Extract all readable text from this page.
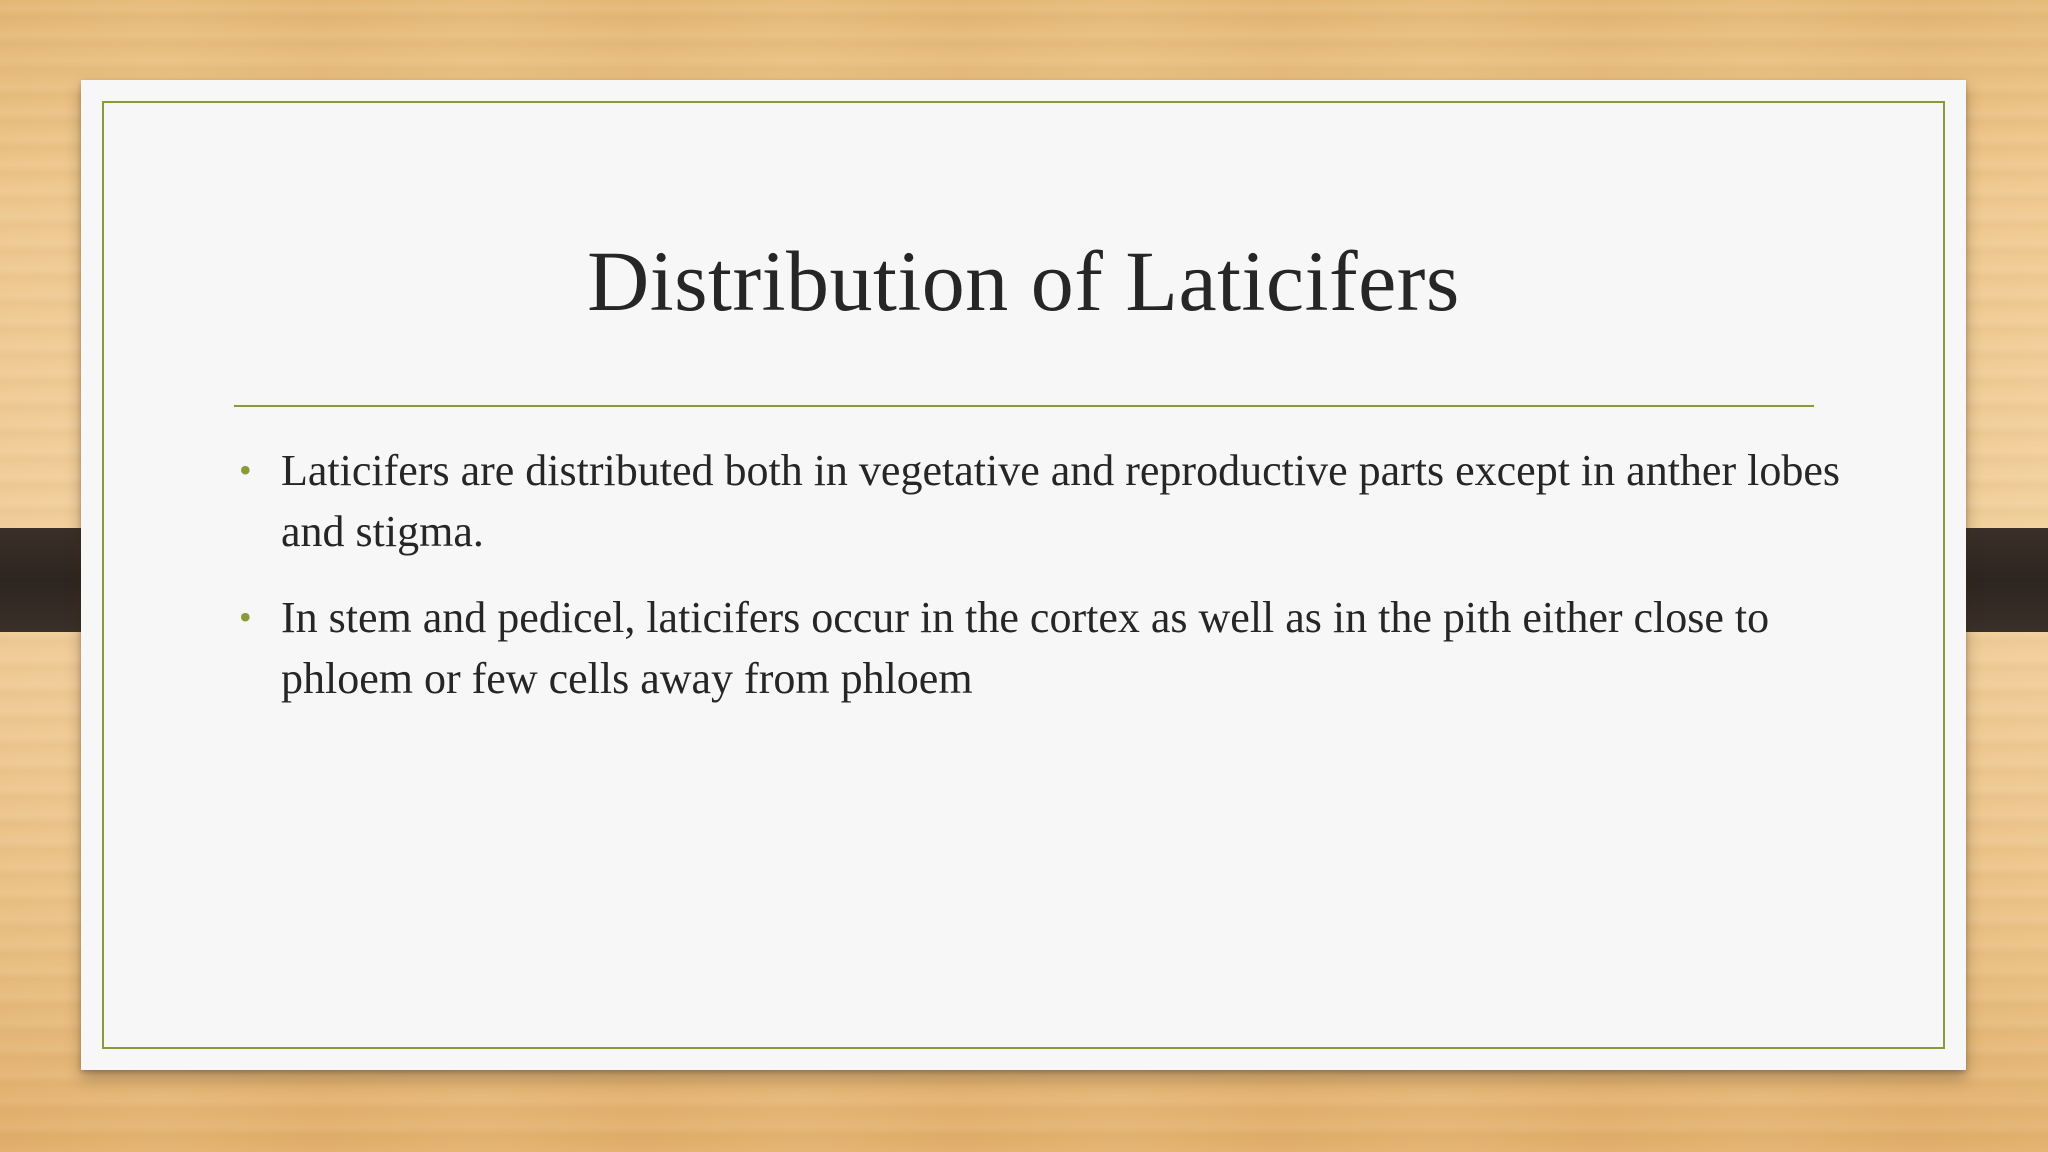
Distribution of Laticifers
• Laticifers are distributed both in vegetative and reproductive parts except in anther lobes and stigma.
• In stem and pedicel, laticifers occur in the cortex as well as in the pith either close to phloem or few cells away from phloem
